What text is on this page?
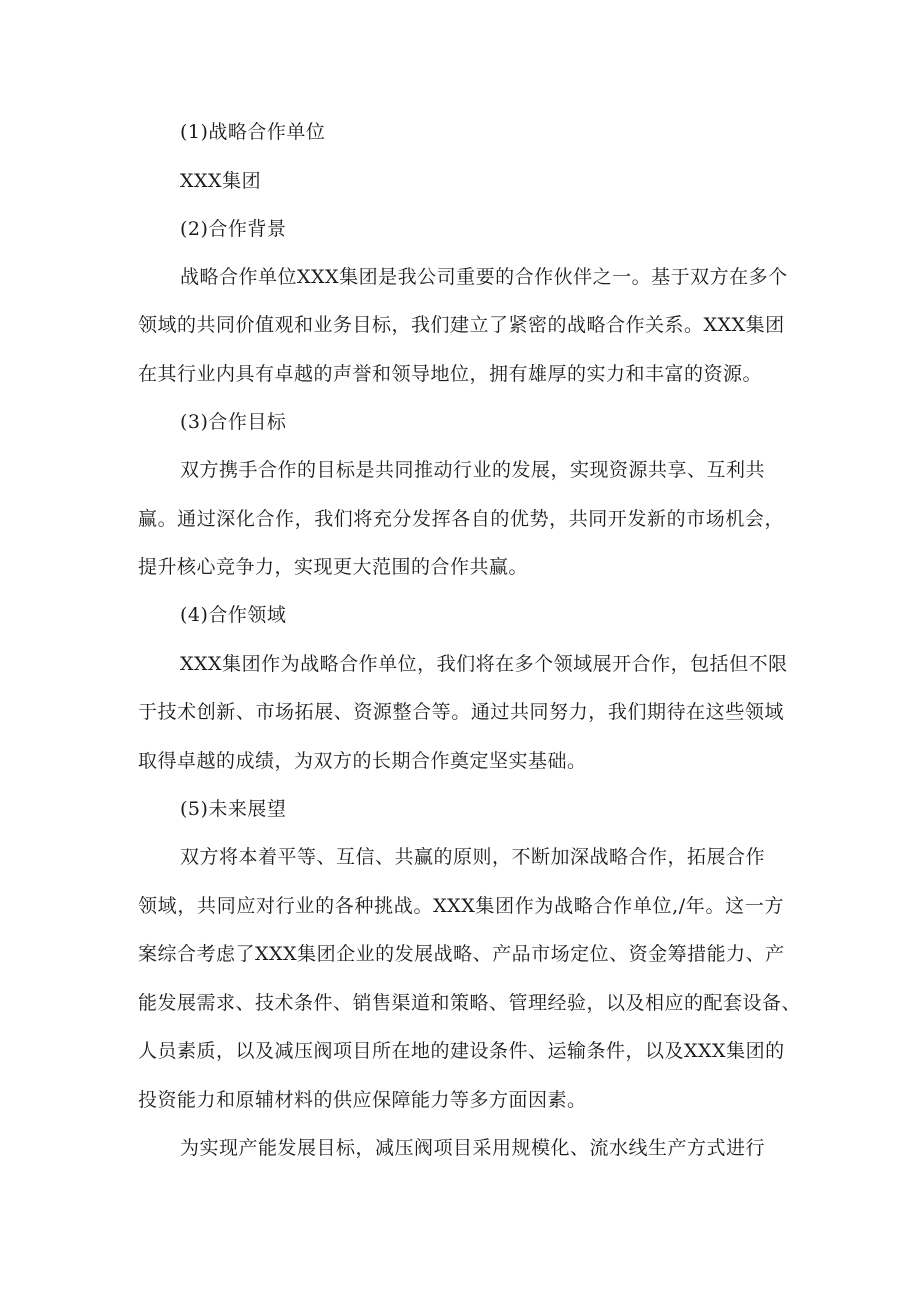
(1)战略合作单位
XXX集团
(2)合作背景
战略合作单位XXX集团是我公司重要的合作伙伴之一。基于双方在多个
领域的共同价值观和业务目标，我们建立了紧密的战略合作关系。XXX集团
在其行业内具有卓越的声誉和领导地位，拥有雄厚的实力和丰富的资源。
(3)合作目标
双方携手合作的目标是共同推动行业的发展，实现资源共享、互利共
赢。通过深化合作，我们将充分发挥各自的优势，共同开发新的市场机会，
提升核心竞争力，实现更大范围的合作共赢。
(4)合作领域
XXX集团作为战略合作单位，我们将在多个领域展开合作，包括但不限
于技术创新、市场拓展、资源整合等。通过共同努力，我们期待在这些领域
取得卓越的成绩，为双方的长期合作奠定坚实基础。
(5)未来展望
双方将本着平等、互信、共赢的原则，不断加深战略合作，拓展合作
领域，共同应对行业的各种挑战。XXX集团作为战略合作单位,/年。这一方
案综合考虑了XXX集团企业的发展战略、产品市场定位、资金筹措能力、产
能发展需求、技术条件、销售渠道和策略、管理经验，以及相应的配套设备、
人员素质，以及减压阀项目所在地的建设条件、运输条件，以及XXX集团的
投资能力和原辅材料的供应保障能力等多方面因素。
为实现产能发展目标，减压阀项目采用规模化、流水线生产方式进行
